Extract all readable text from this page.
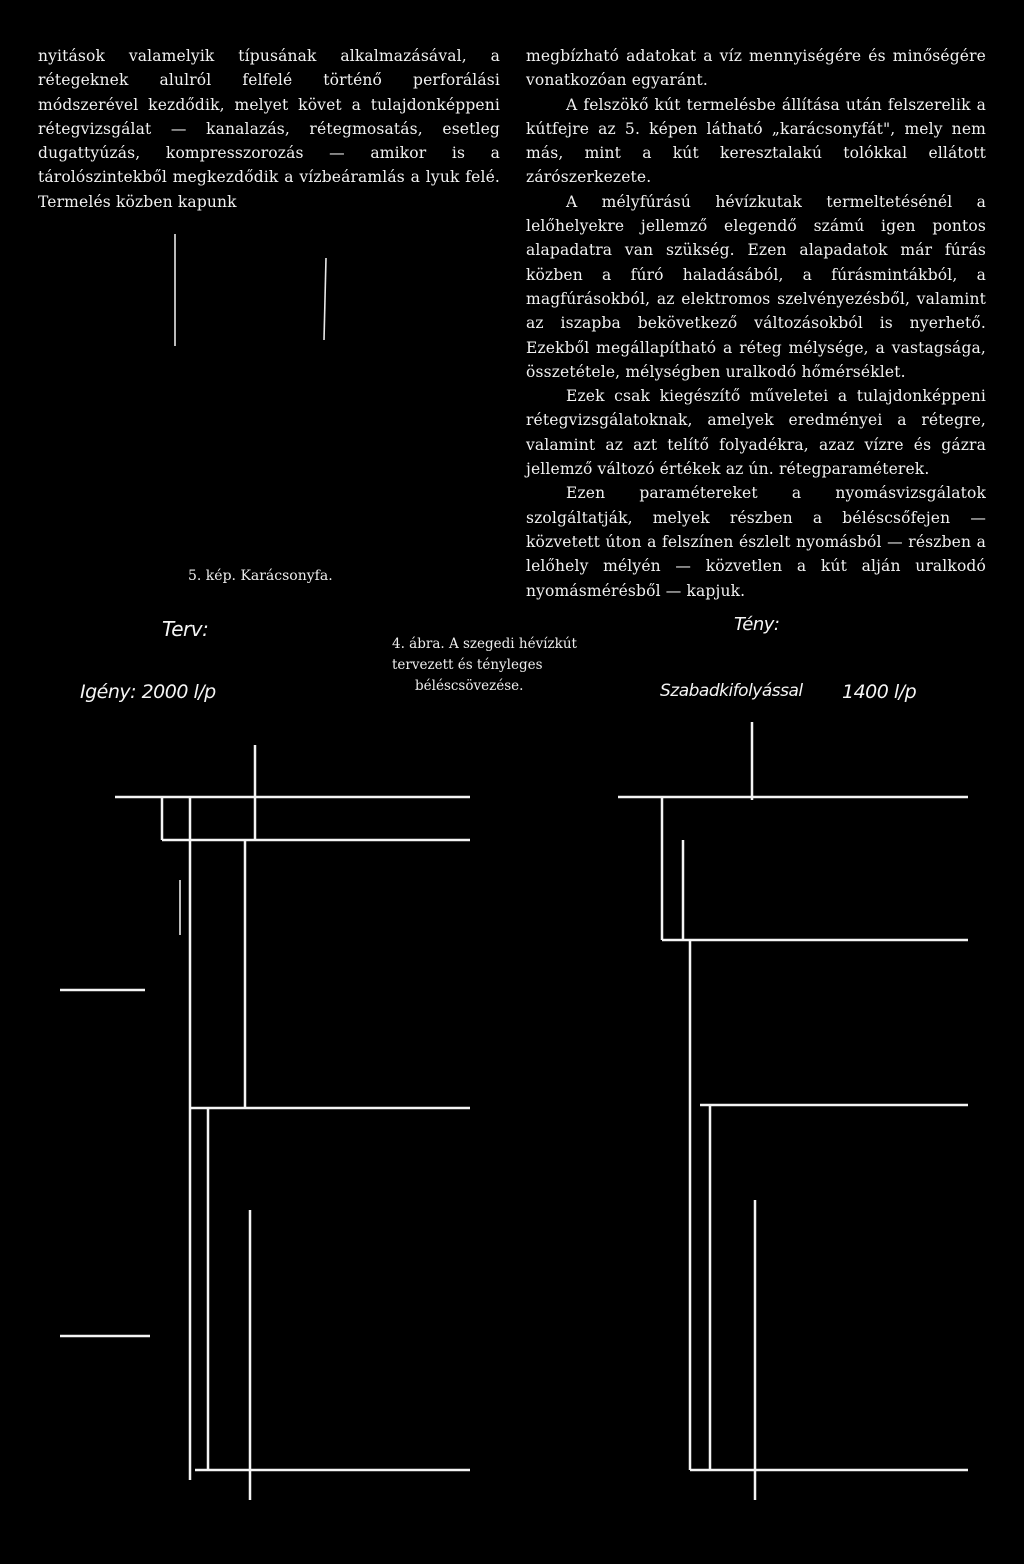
nyitások valamelyik típusának alkalmazásával, a rétegeknek alulról felfelé történő perforálási módszerével kezdődik, melyet követ a tulajdonképpeni rétegvizsgálat — kanalazás, rétegmosatás, esetleg dugattyúzás, kompresszorozás — amikor is a tárolószintekből megkezdődik a vízbeáramlás a lyuk felé. Termelés közben kapunk

megbízható adatokat a víz mennyiségére és minőségére vonatkozóan egyaránt.

A felszökő kút termelésbe állítása után felszerelik a kútfejre az 5. képen látható „karácsonyfát", mely nem más, mint a kút keresztalakú tolókkal ellátott zárószerkezete.

A mélyfúrású hévízkutak termeltetésénél a lelőhelyekre jellemző elegendő számú igen pontos alapadatra van szükség. Ezen alapadatok már fúrás közben a fúró haladásából, a fúrásmintákból, a magfúrásokból, az elektromos szelvényezésből, valamint az iszapba bekövetkező változásokból is nyerhető. Ezekből megállapítható a réteg mélysége, a vastagsága, összetétele, mélységben uralkodó hőmérséklet.

Ezek csak kiegészítő műveletei a tulajdonképpeni rétegvizsgálatoknak, amelyek eredményei a rétegre, valamint az azt telítő folyadékra, azaz vízre és gázra jellemző változó értékek az ún. rétegparaméterek.

Ezen paramétereket a nyomásvizsgálatok szolgáltatják, melyek részben a béléscsőfejen — közvetett úton a felszínen észlelt nyomásból — részben a lelőhely mélyén — közvetlen a kút alján uralkodó nyomásmérésből — kapjuk.

5. kép. Karácsonyfa.
Terv:
Igény: 2000 l/p
4. ábra. A szegedi hévízkút
tervezett és tényleges
béléscsövezése.
Tény:
Szabadkifolyással 1400 l/p
